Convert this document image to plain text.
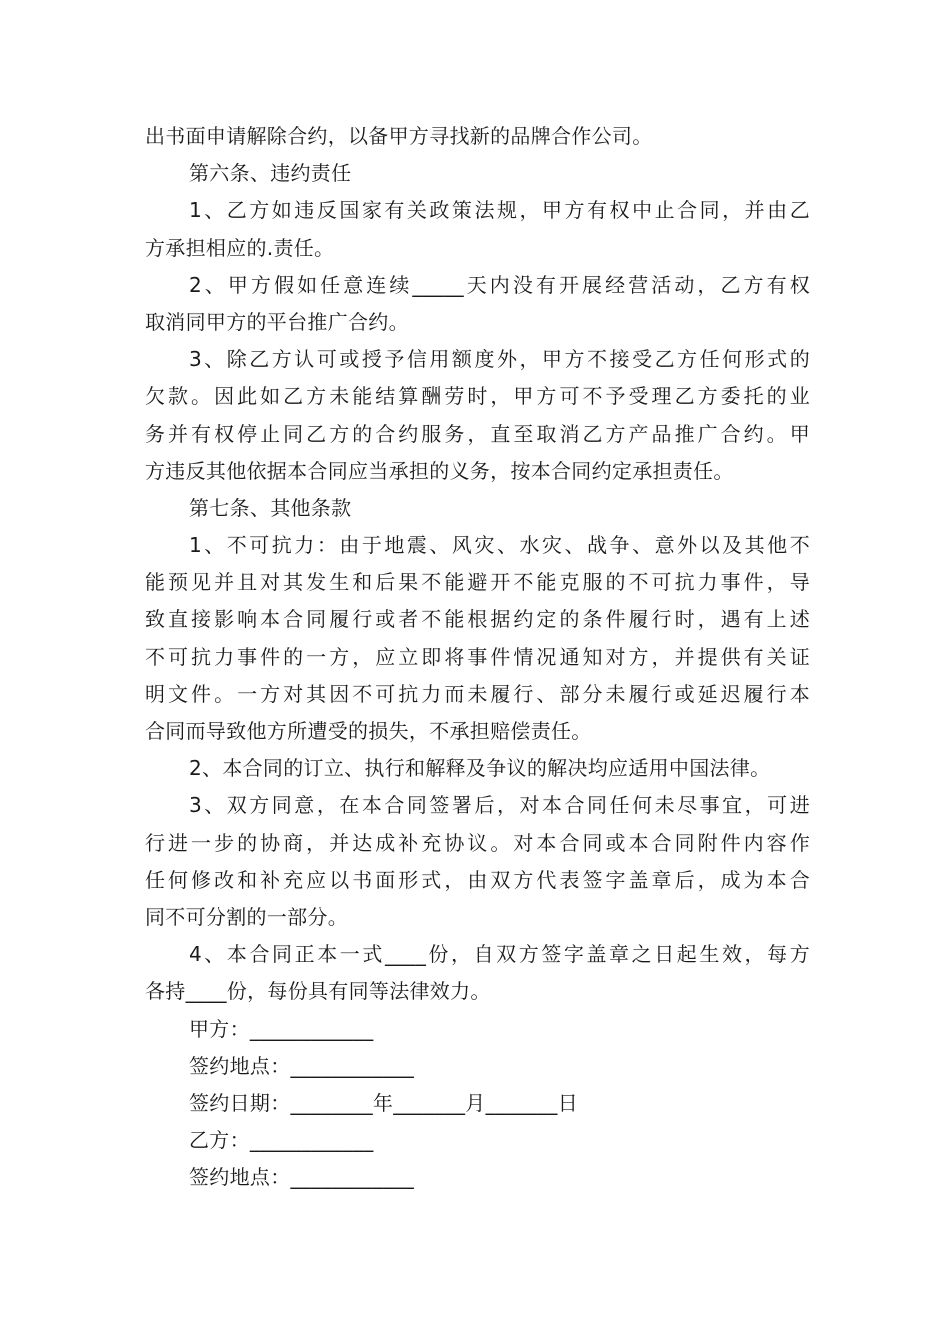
出书面申请解除合约，以备甲方寻找新的品牌合作公司。
第六条、违约责任
1、乙方如违反国家有关政策法规，甲方有权中止合同，并由乙
方承担相应的.责任。
2、甲方假如任意连续_____天内没有开展经营活动，乙方有权
取消同甲方的平台推广合约。
3、除乙方认可或授予信用额度外，甲方不接受乙方任何形式的
欠款。因此如乙方未能结算酬劳时，甲方可不予受理乙方委托的业
务并有权停止同乙方的合约服务，直至取消乙方产品推广合约。甲
方违反其他依据本合同应当承担的义务，按本合同约定承担责任。
第七条、其他条款
1、不可抗力：由于地震、风灾、水灾、战争、意外以及其他不
能预见并且对其发生和后果不能避开不能克服的不可抗力事件，导
致直接影响本合同履行或者不能根据约定的条件履行时，遇有上述
不可抗力事件的一方，应立即将事件情况通知对方，并提供有关证
明文件。一方对其因不可抗力而未履行、部分未履行或延迟履行本
合同而导致他方所遭受的损失，不承担赔偿责任。
2、本合同的订立、执行和解释及争议的解决均应适用中国法律。
3、双方同意，在本合同签署后，对本合同任何未尽事宜，可进
行进一步的协商，并达成补充协议。对本合同或本合同附件内容作
任何修改和补充应以书面形式，由双方代表签字盖章后，成为本合
同不可分割的一部分。
4、本合同正本一式____份，自双方签字盖章之日起生效，每方
各持____份，每份具有同等法律效力。
甲方：____________
签约地点：____________
签约日期：________年_______月_______日
乙方：____________
签约地点：____________
